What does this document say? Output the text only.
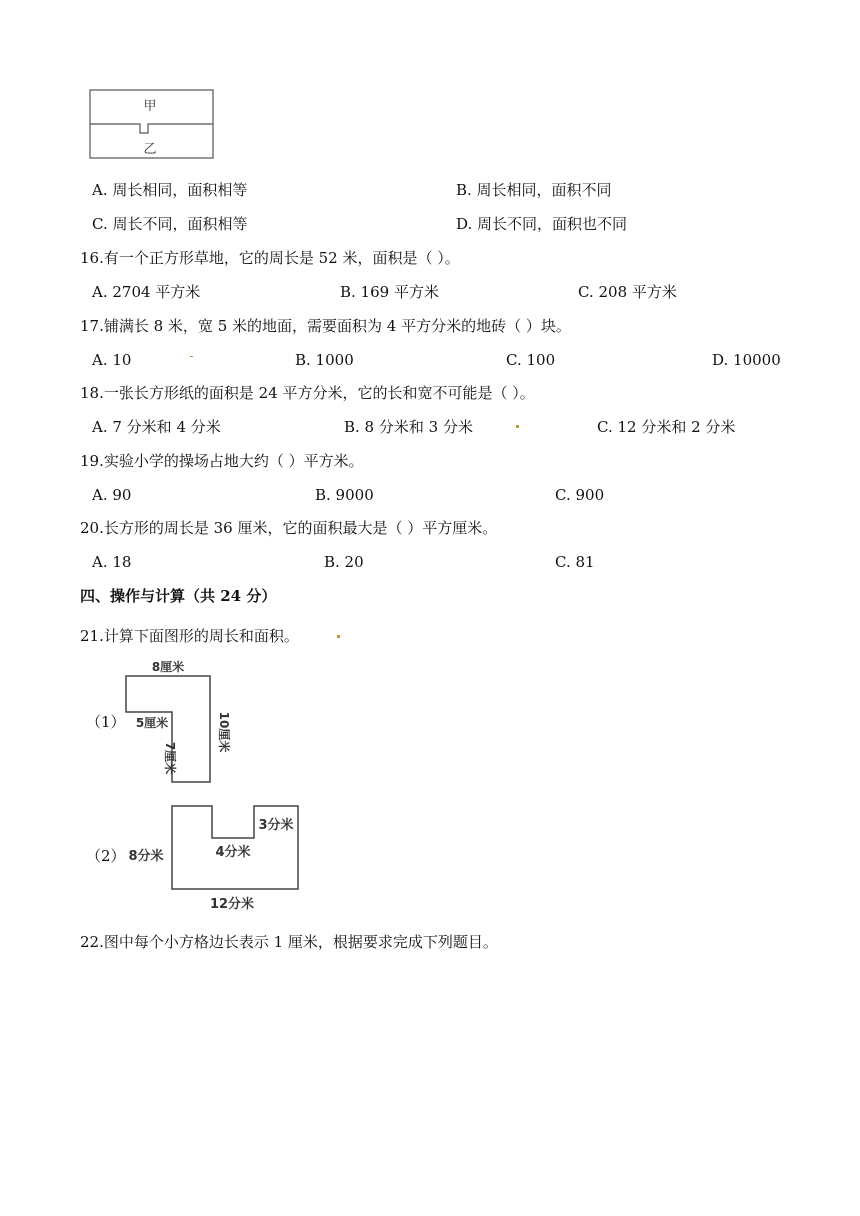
甲
乙
A. 周长相同，面积相等	B. 周长相同，面积不同
C. 周长不同，面积相等	D. 周长不同，面积也不同
16.有一个正方形草地，它的周长是 52 米，面积是（ ）。
A. 2704 平方米	B. 169 平方米	C. 208 平方米
17.铺满长 8 米，宽 5 米的地面，需要面积为 4 平方分米的地砖（ ）块。
A. 10	B. 1000	C. 100	D. 10000
18.一张长方形纸的面积是 24 平方分米，它的长和宽不可能是（ ）。
A. 7 分米和 4 分米	B. 8 分米和 3 分米	C. 12 分米和 2 分米
19.实验小学的操场占地大约（ ）平方米。
A. 90	B. 9000	C. 900
20.长方形的周长是 36 厘米，它的面积最大是（ ）平方厘米。
A. 18	B. 20	C. 81
四、操作与计算（共 24 分）
21.计算下面图形的周长和面积。
（1）
8厘米
5厘米
7厘米
10厘米
（2） 8分米	4分米
3分米
12分米
22.图中每个小方格边长表示 1 厘米，根据要求完成下列题目。
